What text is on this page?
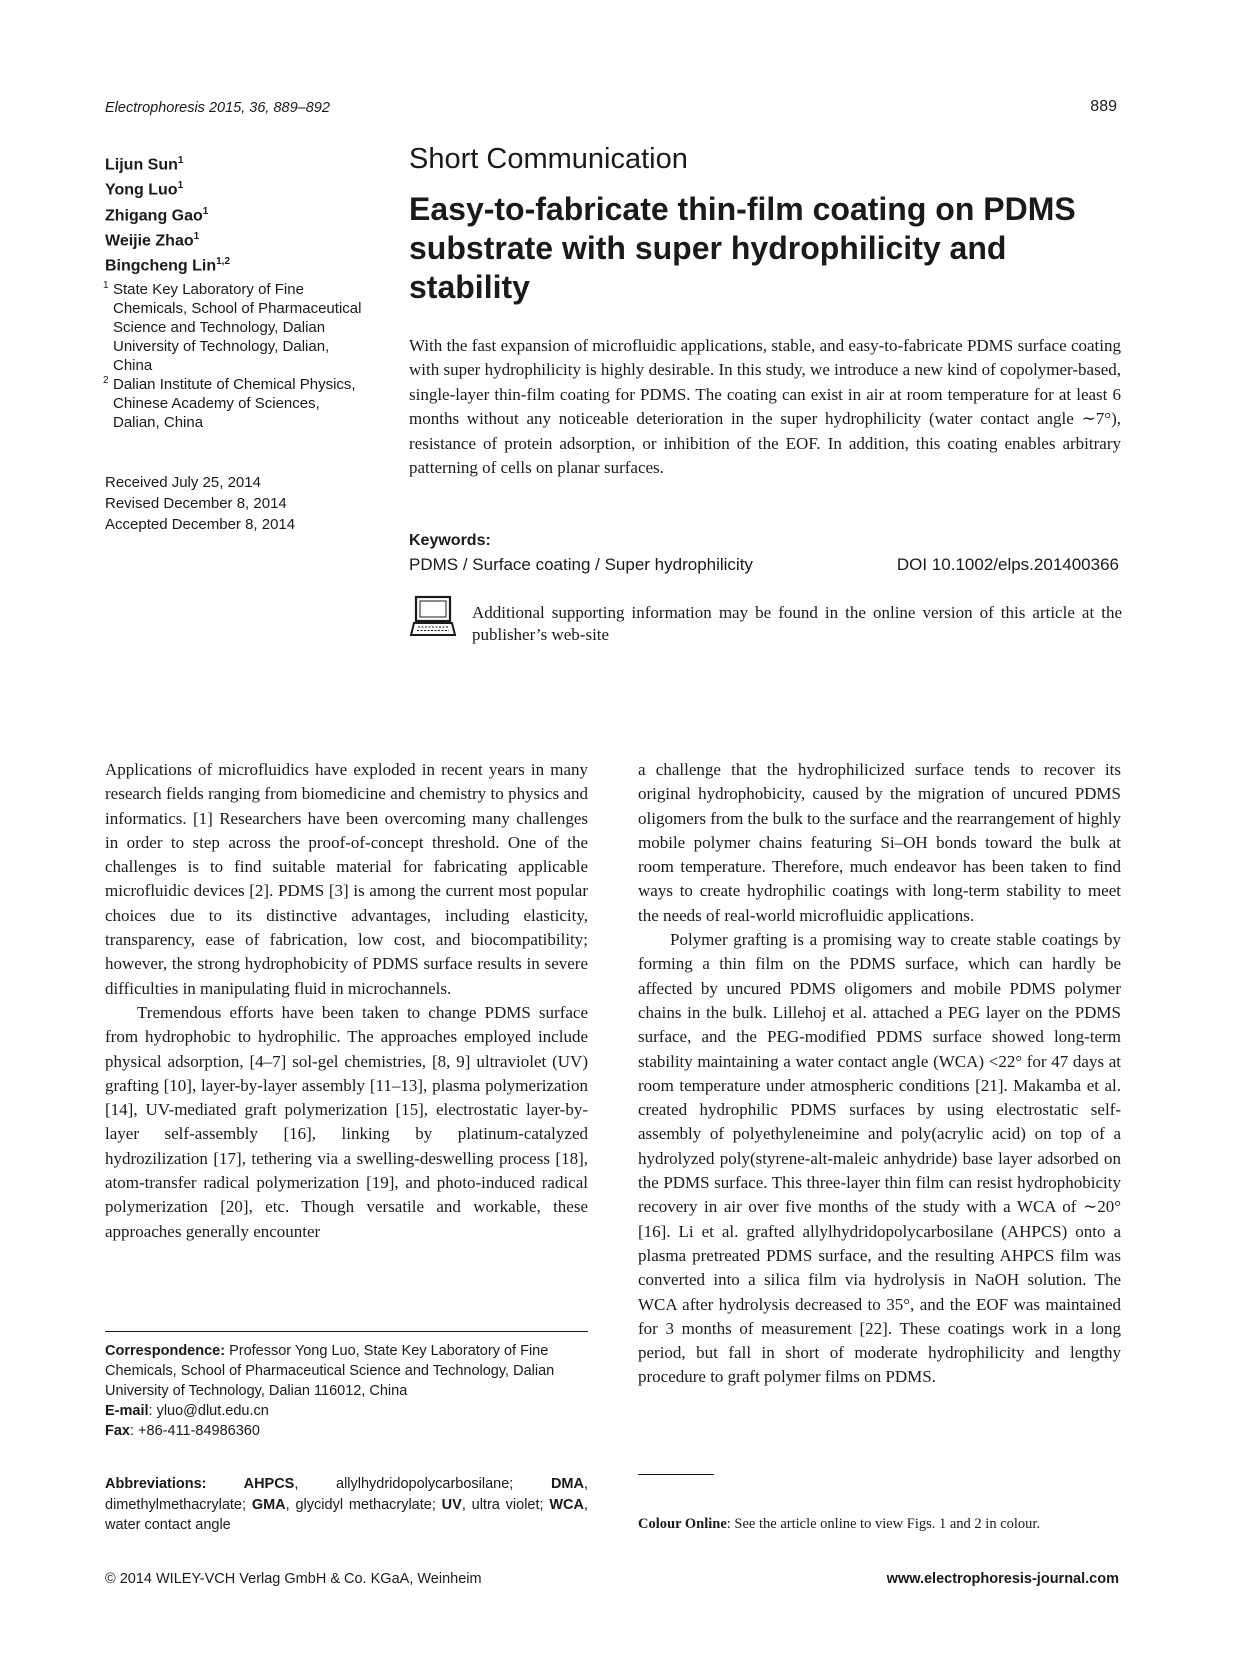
Electrophoresis 2015, 36, 889–892	889
Lijun Sun$^1$
Yong Luo$^1$
Zhigang Gao$^1$
Weijie Zhao$^1$
Bingcheng Lin$^{1,2}$
1 State Key Laboratory of Fine Chemicals, School of Pharmaceutical Science and Technology, Dalian University of Technology, Dalian, China
2 Dalian Institute of Chemical Physics, Chinese Academy of Sciences, Dalian, China
Received July 25, 2014
Revised December 8, 2014
Accepted December 8, 2014
Short Communication
Easy-to-fabricate thin-film coating on PDMS substrate with super hydrophilicity and stability
With the fast expansion of microfluidic applications, stable, and easy-to-fabricate PDMS surface coating with super hydrophilicity is highly desirable. In this study, we introduce a new kind of copolymer-based, single-layer thin-film coating for PDMS. The coating can exist in air at room temperature for at least 6 months without any noticeable deterioration in the super hydrophilicity (water contact angle ∼7°), resistance of protein adsorption, or inhibition of the EOF. In addition, this coating enables arbitrary patterning of cells on planar surfaces.
Keywords:
PDMS / Surface coating / Super hydrophilicity	DOI 10.1002/elps.201400366
Additional supporting information may be found in the online version of this article at the publisher’s web-site

Applications of microfluidics have exploded in recent years in many research fields ranging from biomedicine and chemistry to physics and informatics. [1] Researchers have been overcoming many challenges in order to step across the proof-of-concept threshold. One of the challenges is to find suitable material for fabricating applicable microfluidic devices [2]. PDMS [3] is among the current most popular choices due to its distinctive advantages, including elasticity, transparency, ease of fabrication, low cost, and biocompatibility; however, the strong hydrophobicity of PDMS surface results in severe difficulties in manipulating fluid in microchannels.

Tremendous efforts have been taken to change PDMS surface from hydrophobic to hydrophilic. The approaches employed include physical adsorption, [4–7] sol-gel chemistries, [8, 9] ultraviolet (UV) grafting [10], layer-by-layer assembly [11–13], plasma polymerization [14], UV-mediated graft polymerization [15], electrostatic layer-by-layer self-assembly [16], linking by platinum-catalyzed hydrozilization [17], tethering via a swelling-deswelling process [18], atom-transfer radical polymerization [19], and photo-induced radical polymerization [20], etc. Though versatile and workable, these approaches generally encounter

a challenge that the hydrophilicized surface tends to recover its original hydrophobicity, caused by the migration of uncured PDMS oligomers from the bulk to the surface and the rearrangement of highly mobile polymer chains featuring Si–OH bonds toward the bulk at room temperature. Therefore, much endeavor has been taken to find ways to create hydrophilic coatings with long-term stability to meet the needs of real-world microfluidic applications.

Polymer grafting is a promising way to create stable coatings by forming a thin film on the PDMS surface, which can hardly be affected by uncured PDMS oligomers and mobile PDMS polymer chains in the bulk. Lillehoj et al. attached a PEG layer on the PDMS surface, and the PEG-modified PDMS surface showed long-term stability maintaining a water contact angle (WCA) <22° for 47 days at room temperature under atmospheric conditions [21]. Makamba et al. created hydrophilic PDMS surfaces by using electrostatic self-assembly of polyethyleneimine and poly(acrylic acid) on top of a hydrolyzed poly(styrene-alt-maleic anhydride) base layer adsorbed on the PDMS surface. This three-layer thin film can resist hydrophobicity recovery in air over five months of the study with a WCA of ∼20° [16]. Li et al. grafted allylhydridopolycarbosilane (AHPCS) onto a plasma pretreated PDMS surface, and the resulting AHPCS film was converted into a silica film via hydrolysis in NaOH solution. The WCA after hydrolysis decreased to 35°, and the EOF was maintained for 3 months of measurement [22]. These coatings work in a long period, but fall in short of moderate hydrophilicity and lengthy procedure to graft polymer films on PDMS.

Correspondence: Professor Yong Luo, State Key Laboratory of Fine Chemicals, School of Pharmaceutical Science and Technology, Dalian University of Technology, Dalian 116012, China
E-mail: yluo@dlut.edu.cn
Fax: +86-411-84986360
Abbreviations: AHPCS, allylhydridopolycarbosilane; DMA, dimethylmethacrylate; GMA, glycidyl methacrylate; UV, ultra violet; WCA, water contact angle	Colour Online: See the article online to view Figs. 1 and 2 in colour.
© 2014 WILEY-VCH Verlag GmbH & Co. KGaA, Weinheim	www.electrophoresis-journal.com
